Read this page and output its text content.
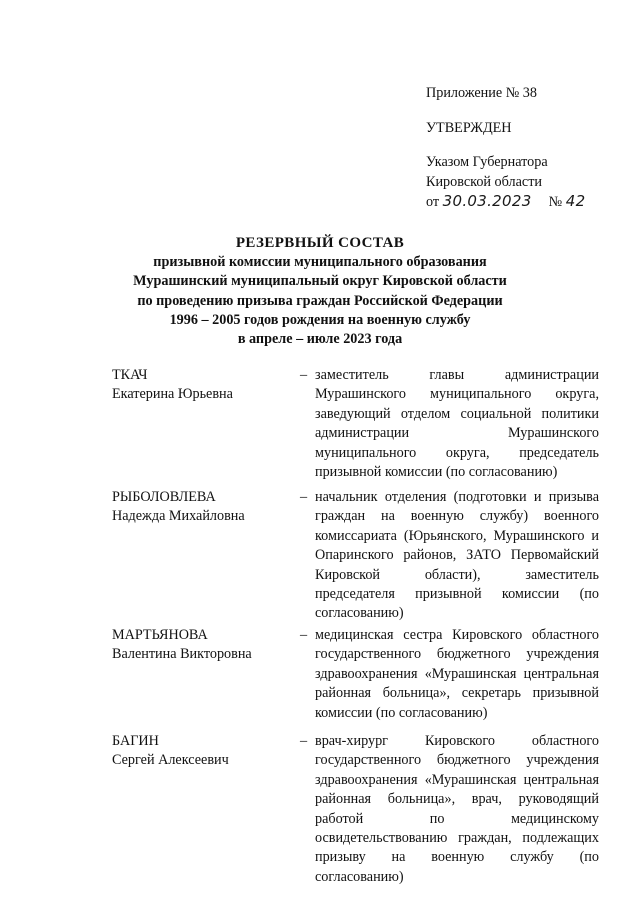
Приложение № 38
УТВЕРЖДЕН
Указом Губернатора
Кировской области
от 30.03.2023 № 42
РЕЗЕРВНЫЙ СОСТАВ
призывной комиссии муниципального образования
Мурашинский муниципальный округ Кировской области
по проведению призыва граждан Российской Федерации
1996 – 2005 годов рождения на военную службу
в апреле – июле 2023 года
ТКАЧ
Екатерина Юрьевна
– заместитель главы администрации Мурашинского муниципального округа, заведующий отделом социальной политики администрации Мурашинского муниципального округа, председатель призывной комиссии (по согласованию)
РЫБОЛОВЛЕВА
Надежда Михайловна
– начальник отделения (подготовки и призыва граждан на военную службу) военного комиссариата (Юрьянского, Мурашинского и Опаринского районов, ЗАТО Первомайский Кировской области), заместитель председателя призывной комиссии (по согласованию)
МАРТЬЯНОВА
Валентина Викторовна
– медицинская сестра Кировского областного государственного бюджетного учреждения здравоохранения «Мурашинская центральная районная больница», секретарь призывной комиссии (по согласованию)
БАГИН
Сергей Алексеевич
– врач-хирург Кировского областного государственного бюджетного учреждения здравоохранения «Мурашинская центральная районная больница», врач, руководящий работой по медицинскому освидетельствованию граждан, подлежащих призыву на военную службу (по согласованию)
